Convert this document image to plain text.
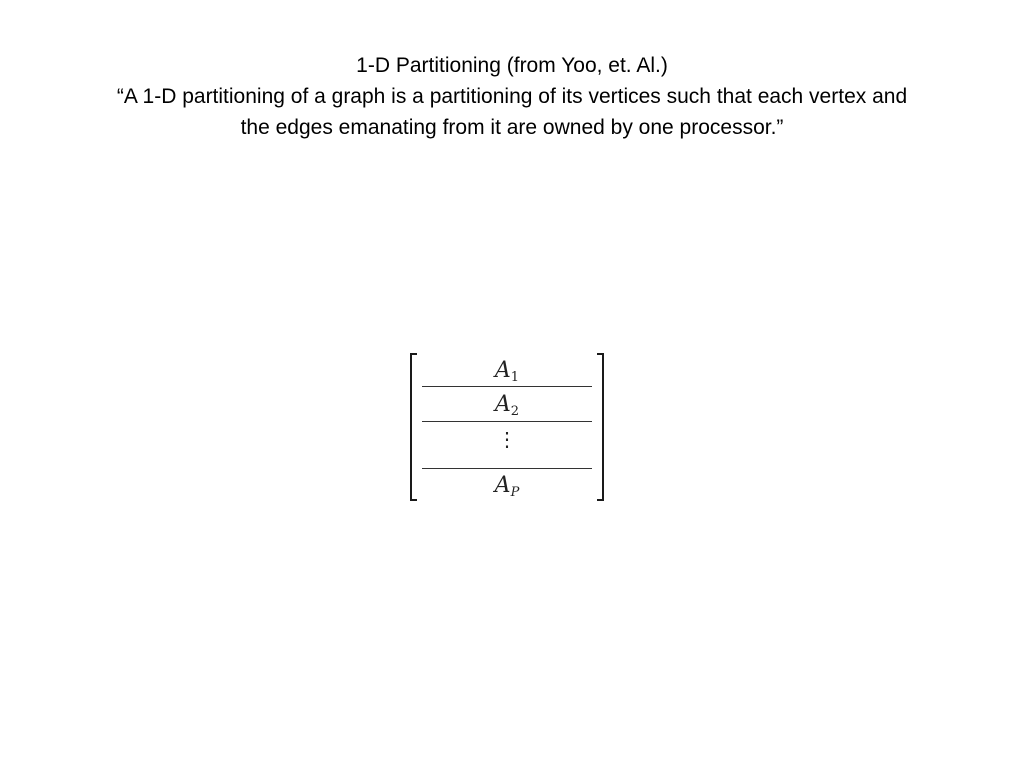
1-D Partitioning (from Yoo, et. Al.)
“A 1-D partitioning of a graph is a partitioning of its vertices such that each vertex and
the edges emanating from it are owned by one processor.”
$A_1$
$A_2$
⋮
$A_P$
